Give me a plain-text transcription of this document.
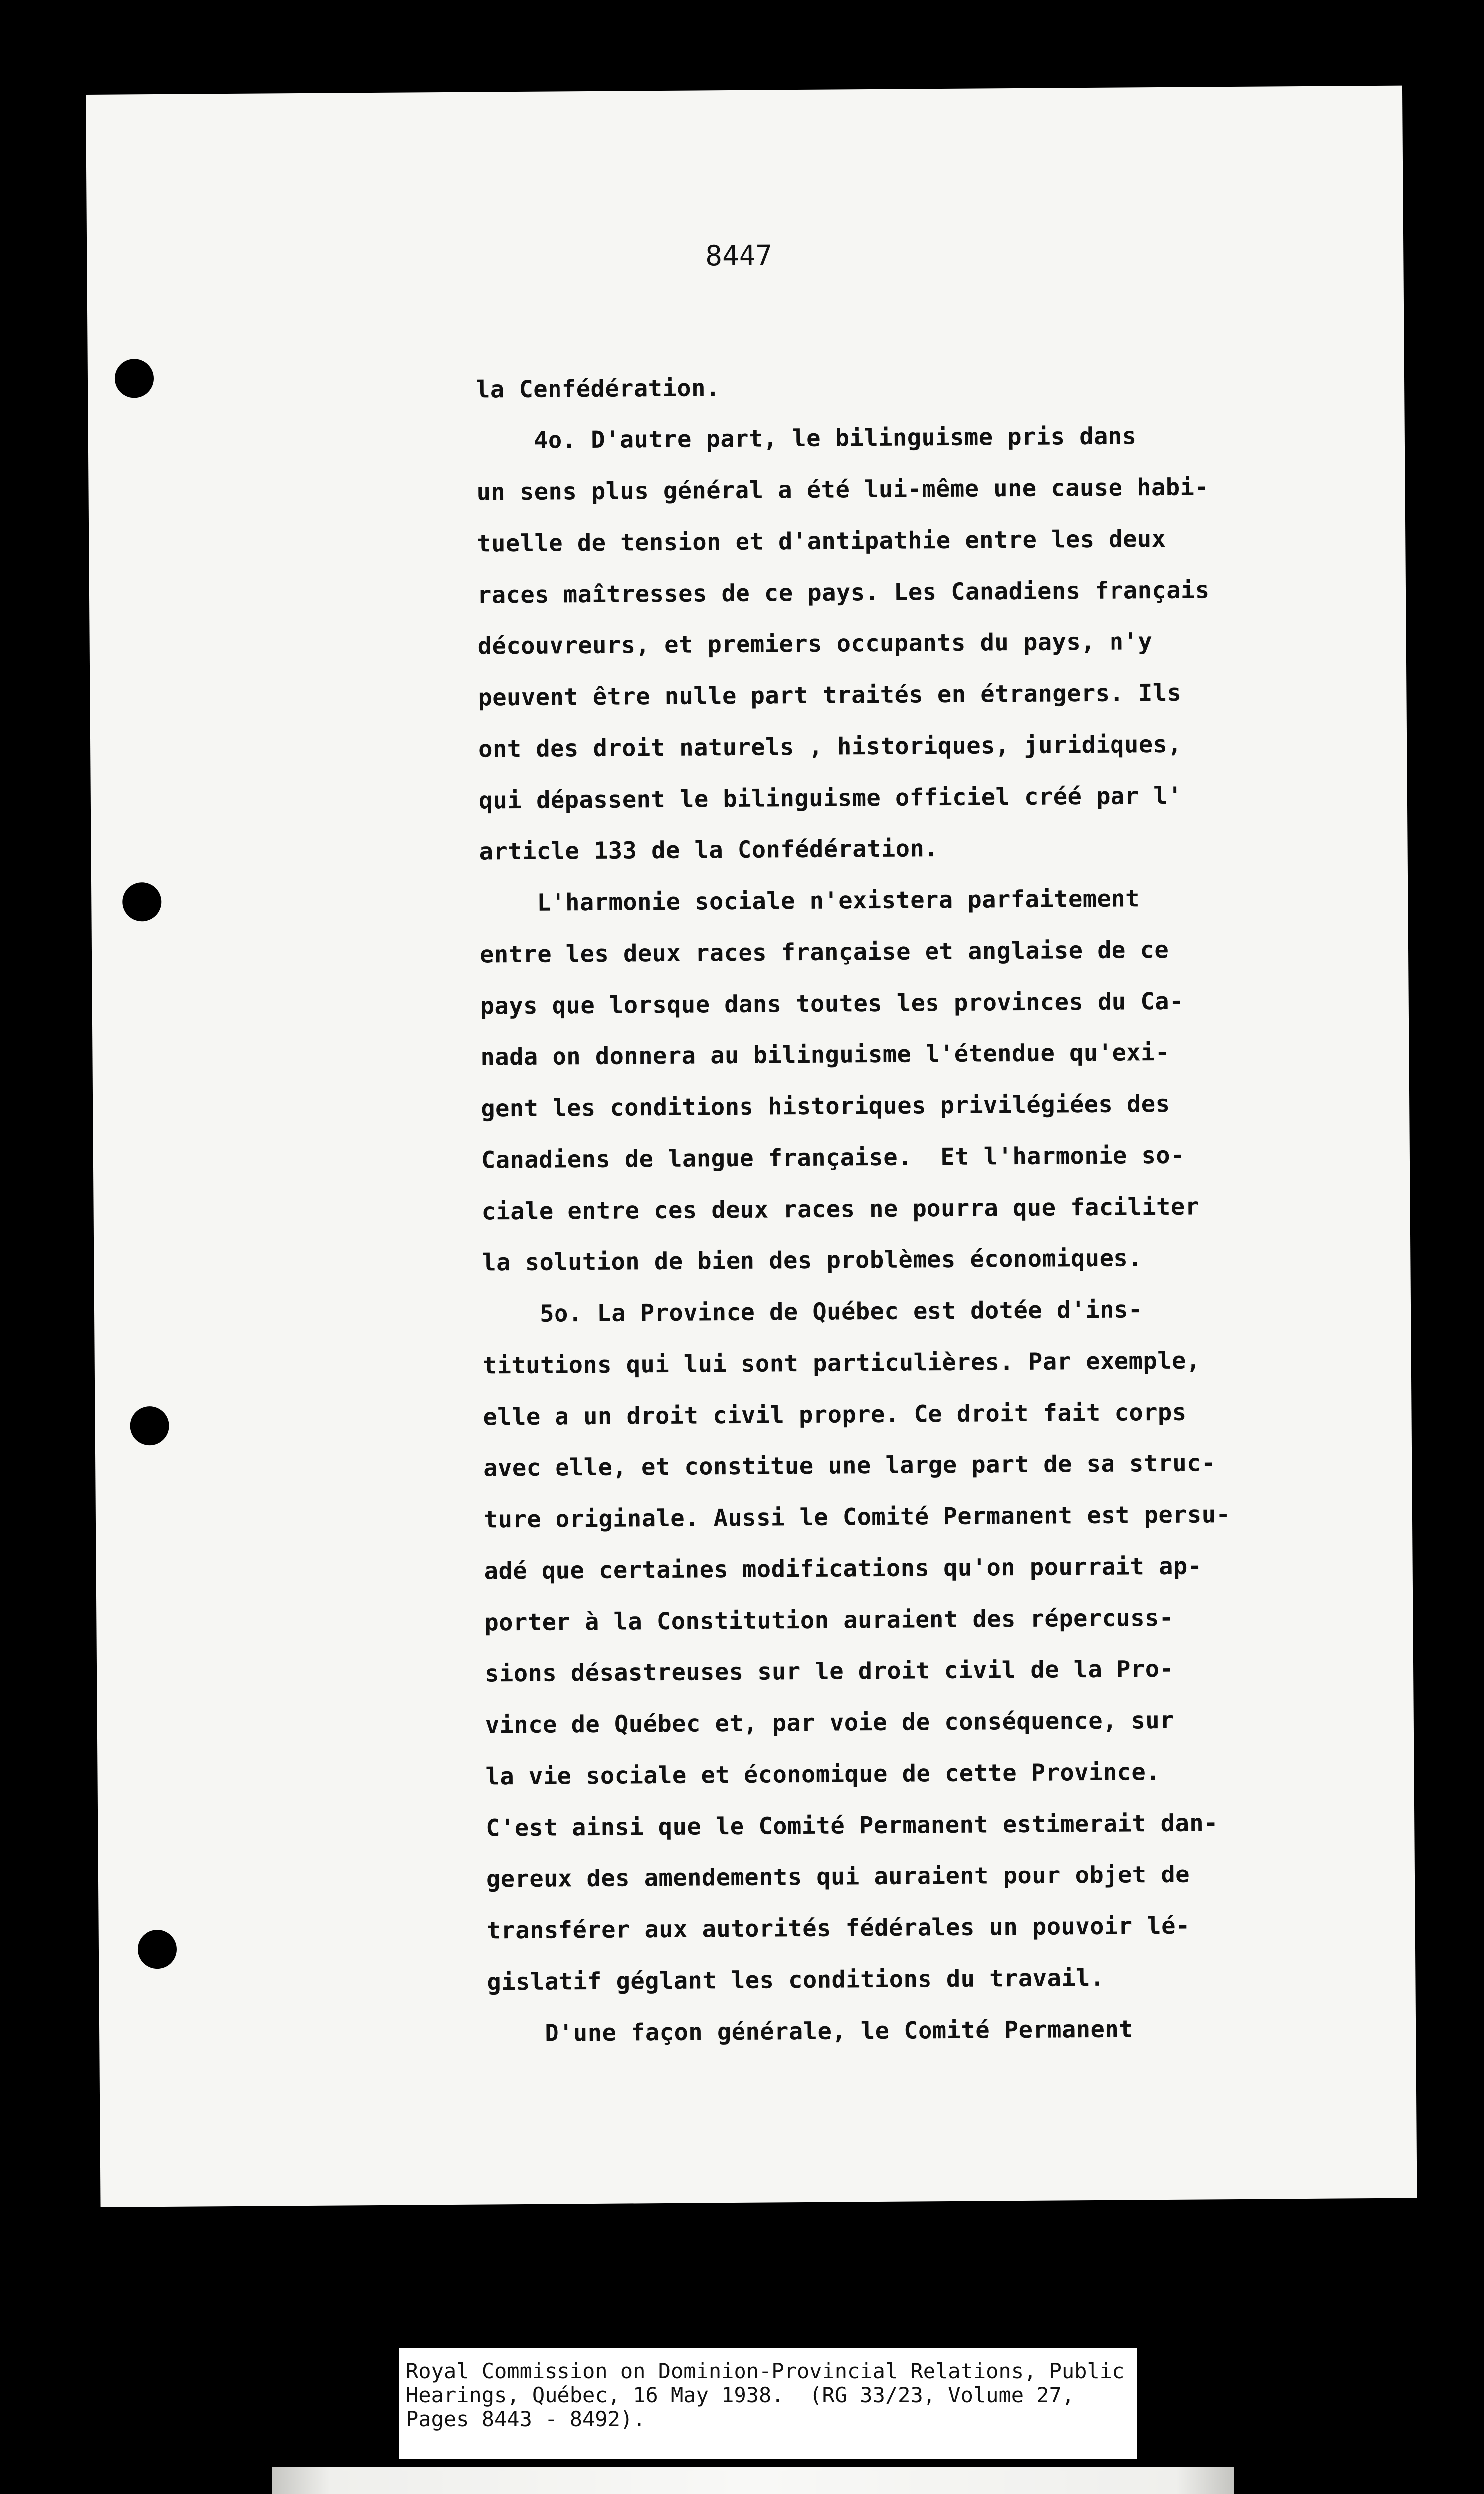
8447
la Cenfédération.
4o. D'autre part, le bilinguisme pris dans
un sens plus général a été lui-même une cause habi-
tuelle de tension et d'antipathie entre les deux
races maîtresses de ce pays. Les Canadiens français
découvreurs, et premiers occupants du pays, n'y
peuvent être nulle part traités en étrangers. Ils
ont des droit naturels , historiques, juridiques,
qui dépassent le bilinguisme officiel créé par l'
article 133 de la Confédération.
L'harmonie sociale n'existera parfaitement
entre les deux races française et anglaise de ce
pays que lorsque dans toutes les provinces du Ca-
nada on donnera au bilinguisme l'étendue qu'exi-
gent les conditions historiques privilégiées des
Canadiens de langue française.  Et l'harmonie so-
ciale entre ces deux races ne pourra que faciliter
la solution de bien des problèmes économiques.
5o. La Province de Québec est dotée d'ins-
titutions qui lui sont particulières. Par exemple,
elle a un droit civil propre. Ce droit fait corps
avec elle, et constitue une large part de sa struc-
ture originale. Aussi le Comité Permanent est persu-
adé que certaines modifications qu'on pourrait ap-
porter à la Constitution auraient des répercuss-
sions désastreuses sur le droit civil de la Pro-
vince de Québec et, par voie de conséquence, sur
la vie sociale et économique de cette Province.
C'est ainsi que le Comité Permanent estimerait dan-
gereux des amendements qui auraient pour objet de
transférer aux autorités fédérales un pouvoir lé-
gislatif géglant les conditions du travail.
D'une façon générale, le Comité Permanent
Royal Commission on Dominion-Provincial Relations, Public
Hearings, Québec, 16 May 1938.  (RG 33/23, Volume 27,
Pages 8443 - 8492).
